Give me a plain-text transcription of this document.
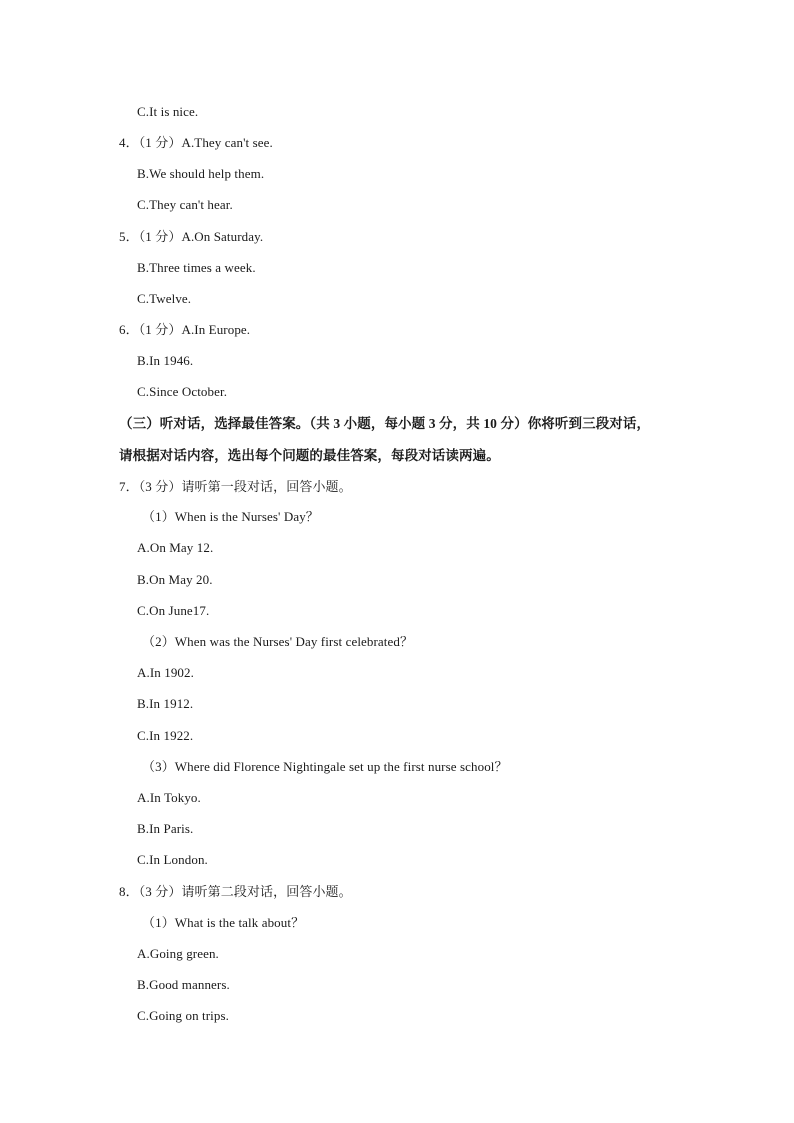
C.It is nice.
4．（1 分）A.They can't see.
B.We should help them.
C.They can't hear.
5．（1 分）A.On Saturday.
B.Three times a week.
C.Twelve.
6．（1 分）A.In Europe.
B.In 1946.
C.Since October.
（三）听对话，选择最佳答案。（共 3 小题，每小题 3 分，共 10 分）你将听到三段对话，
请根据对话内容，选出每个问题的最佳答案，每段对话读两遍。
7．（3 分）请听第一段对话，回答小题。
（1）When is the Nurses' Day？
A.On May 12.
B.On May 20.
C.On June17.
（2）When was the Nurses' Day first celebrated？
A.In 1902.
B.In 1912.
C.In 1922.
（3）Where did Florence Nightingale set up the first nurse school？
A.In Tokyo.
B.In Paris.
C.In London.
8．（3 分）请听第二段对话，回答小题。
（1）What is the talk about？
A.Going green.
B.Good manners.
C.Going on trips.
